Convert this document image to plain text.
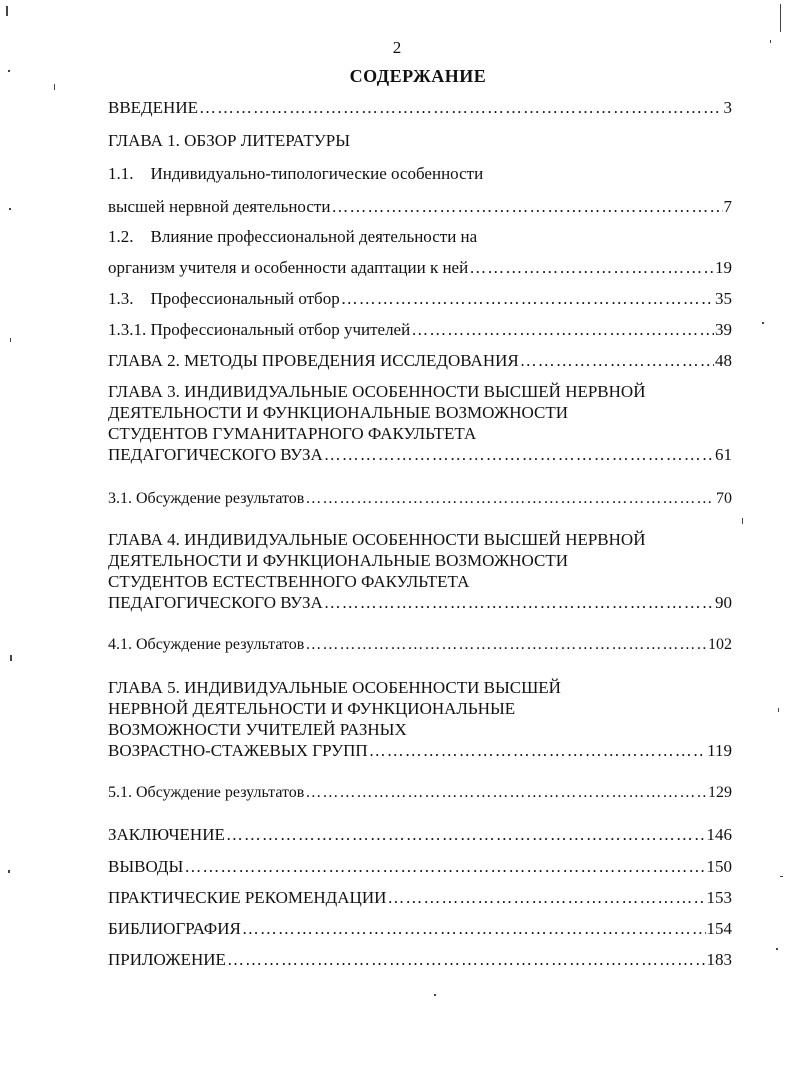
2
СОДЕРЖАНИЕ
ВВЕДЕНИЕ ……………………………………………………………………………………………………………………………………………………	3
ГЛАВА 1. ОБЗОР ЛИТЕРАТУРЫ
1.1.    Индивидуально-типологические особенности
высшей нервной деятельности ……………………………………………………………………………………………………………………………………………………	7
1.2.    Влияние профессиональной деятельности на
организм учителя и особенности адаптации к ней ……………………………………………………………………………………………………………………………………………………	19
1.3.    Профессиональный отбор ……………………………………………………………………………………………………………………………………………………	35
1.3.1. Профессиональный отбор учителей ……………………………………………………………………………………………………………………………………………………	39
ГЛАВА 2. МЕТОДЫ ПРОВЕДЕНИЯ ИССЛЕДОВАНИЯ ……………………………………………………………………………………………………………………………………………………	48
ГЛАВА 3. ИНДИВИДУАЛЬНЫЕ ОСОБЕННОСТИ ВЫСШЕЙ НЕРВНОЙ
ДЕЯТЕЛЬНОСТИ И ФУНКЦИОНАЛЬНЫЕ ВОЗМОЖНОСТИ
СТУДЕНТОВ ГУМАНИТАРНОГО ФАКУЛЬТЕТА
ПЕДАГОГИЧЕСКОГО ВУЗА ……………………………………………………………………………………………………………………………………………………	61
3.1. Обсуждение результатов ……………………………………………………………………………………………………………………………………………………	70
ГЛАВА 4. ИНДИВИДУАЛЬНЫЕ ОСОБЕННОСТИ ВЫСШЕЙ НЕРВНОЙ
ДЕЯТЕЛЬНОСТИ И ФУНКЦИОНАЛЬНЫЕ ВОЗМОЖНОСТИ
СТУДЕНТОВ ЕСТЕСТВЕННОГО ФАКУЛЬТЕТА
ПЕДАГОГИЧЕСКОГО ВУЗА ……………………………………………………………………………………………………………………………………………………	90
4.1. Обсуждение результатов ……………………………………………………………………………………………………………………………………………………	102
ГЛАВА 5. ИНДИВИДУАЛЬНЫЕ ОСОБЕННОСТИ ВЫСШЕЙ
НЕРВНОЙ ДЕЯТЕЛЬНОСТИ И ФУНКЦИОНАЛЬНЫЕ
ВОЗМОЖНОСТИ УЧИТЕЛЕЙ РАЗНЫХ
ВОЗРАСТНО-СТАЖЕВЫХ ГРУПП ……………………………………………………………………………………………………………………………………………………	119
5.1. Обсуждение результатов ……………………………………………………………………………………………………………………………………………………	129
ЗАКЛЮЧЕНИЕ ……………………………………………………………………………………………………………………………………………………	146
ВЫВОДЫ ……………………………………………………………………………………………………………………………………………………	150
ПРАКТИЧЕСКИЕ РЕКОМЕНДАЦИИ ……………………………………………………………………………………………………………………………………………………	153
БИБЛИОГРАФИЯ ……………………………………………………………………………………………………………………………………………………	154
ПРИЛОЖЕНИЕ ……………………………………………………………………………………………………………………………………………………	183
